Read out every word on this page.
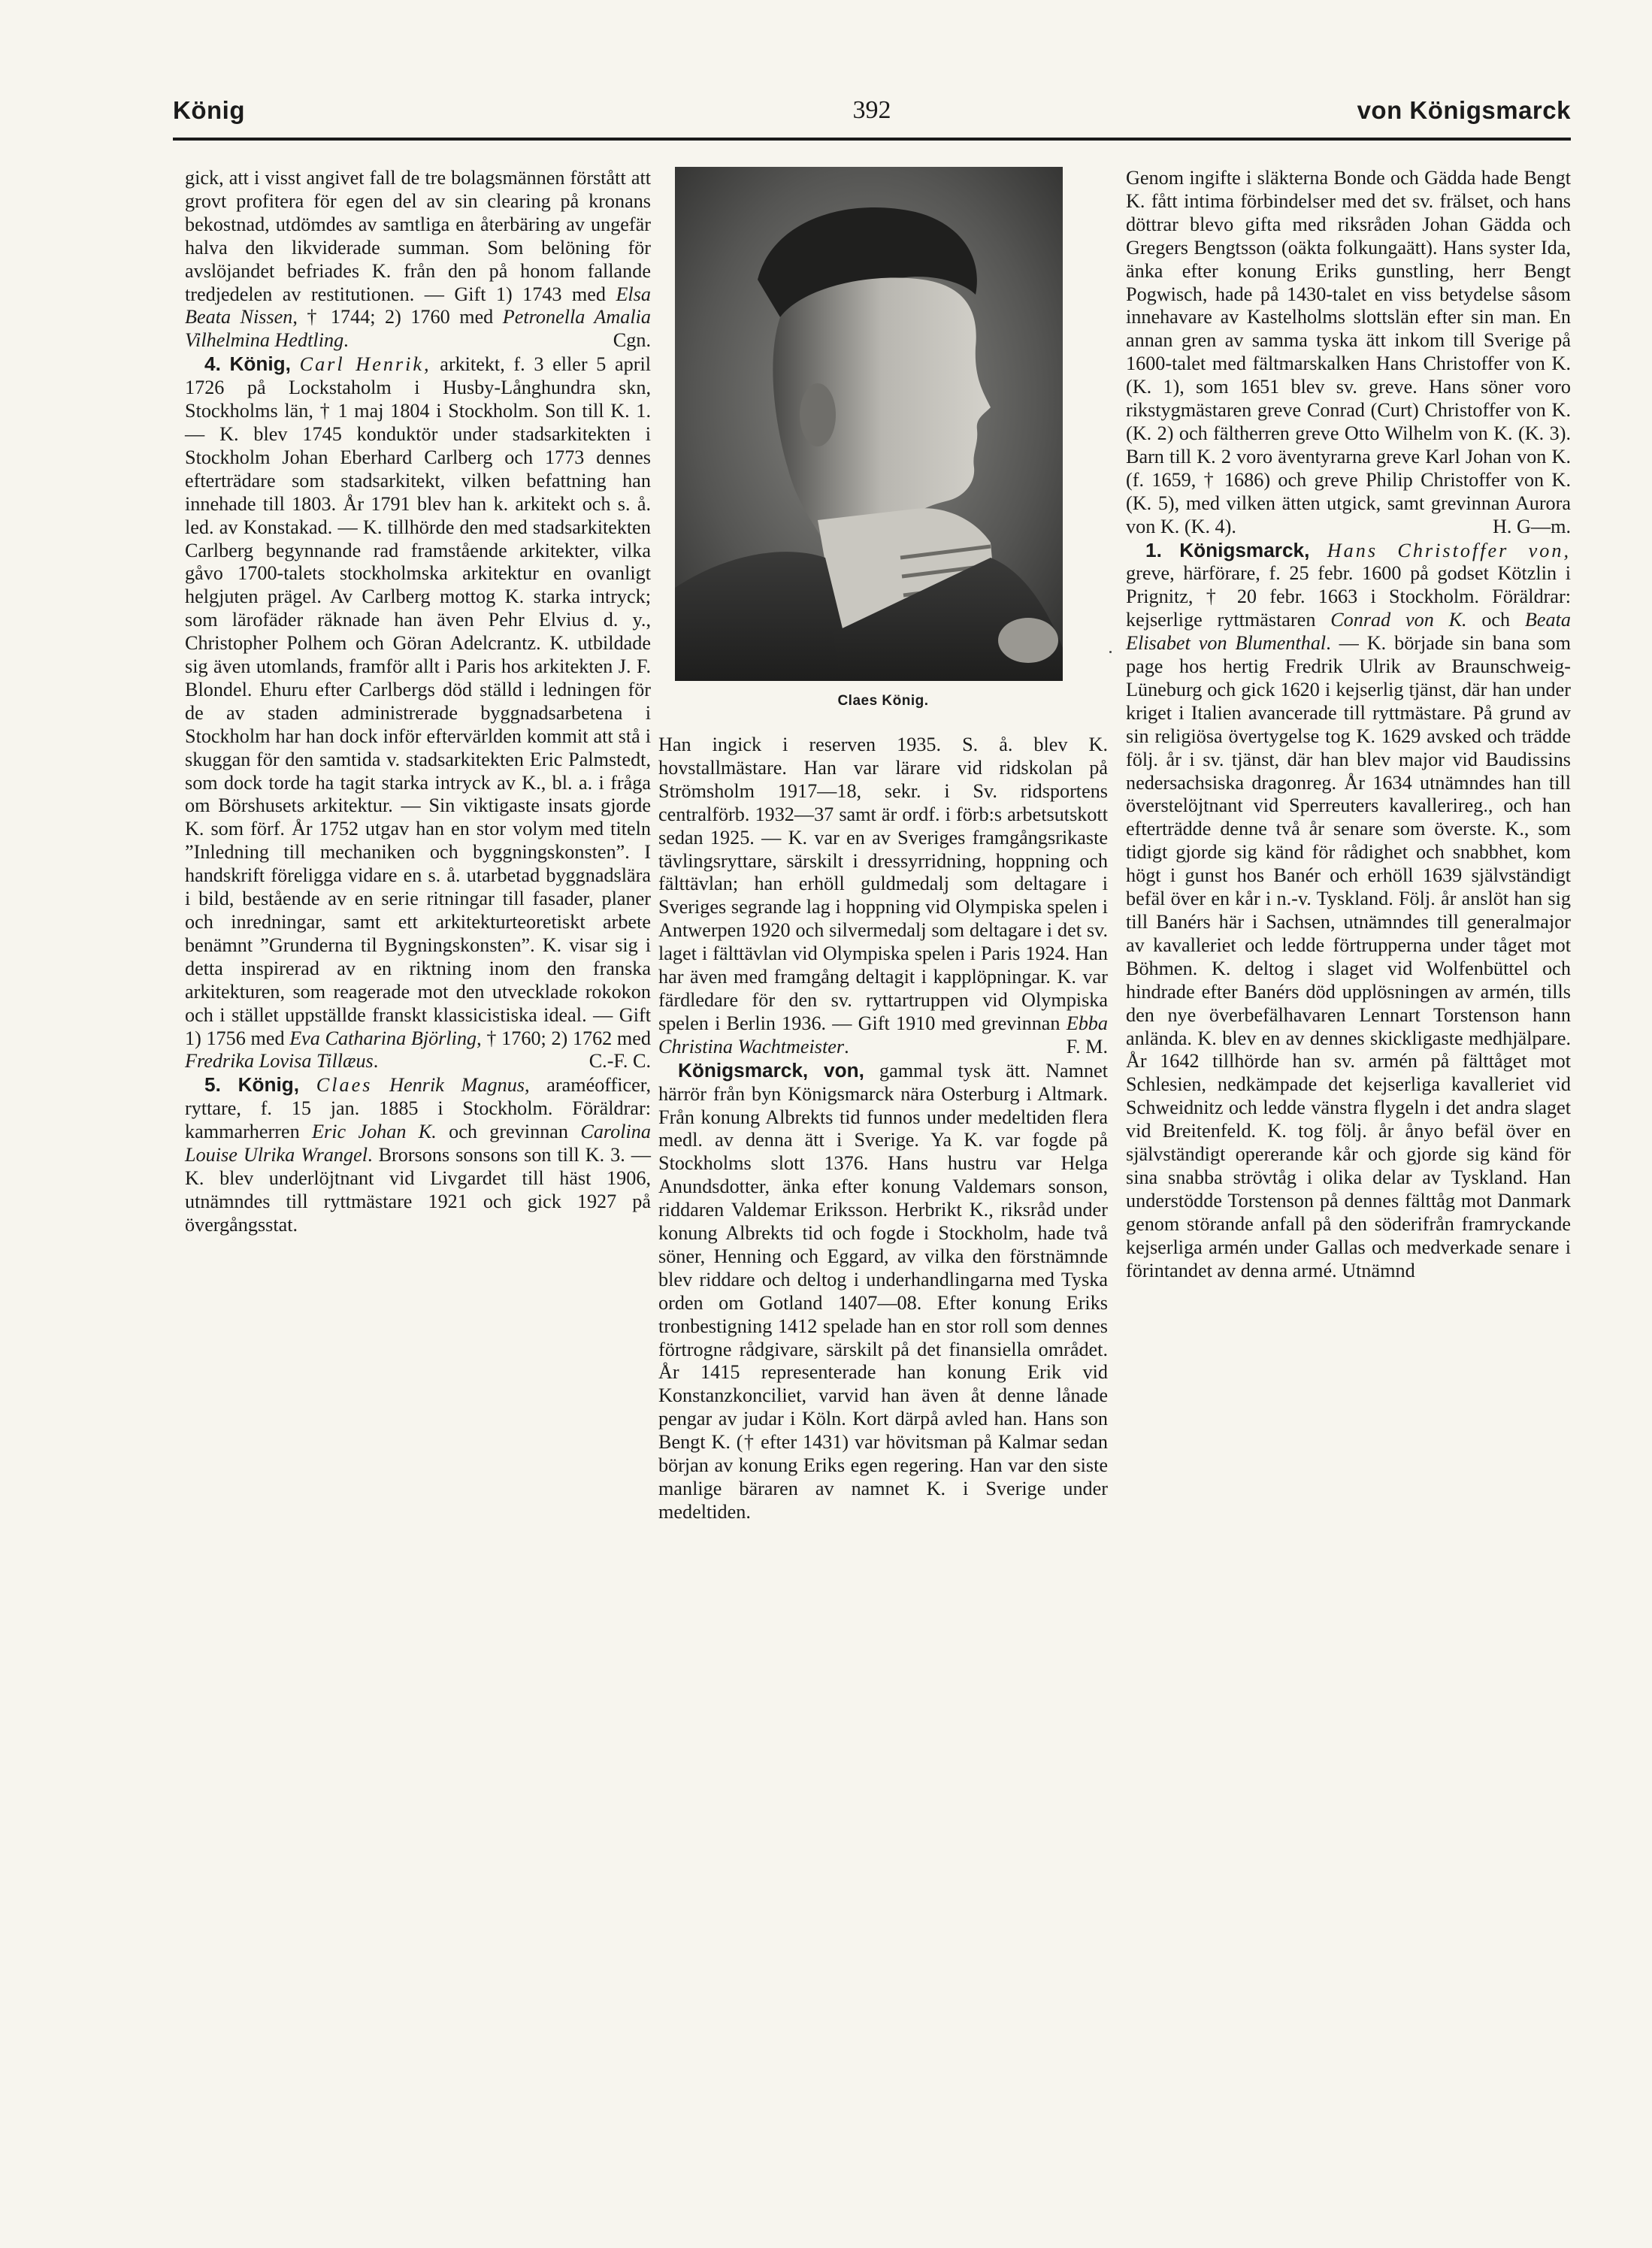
König	392	von Königsmarck

gick, att i visst angivet fall de tre bolagsmännen förstått att grovt profitera för egen del av sin clearing på kronans bekostnad, utdömdes av samtliga en återbäring av ungefär halva den likviderade summan. Som belöning för avslöjandet befriades K. från den på honom fallande tredjedelen av restitutionen. — Gift 1) 1743 med Elsa Beata Nissen, † 1744; 2) 1760 med Petronella Amalia Vilhelmina Hedtling.	Cgn.

4. König, Carl Henrik, arkitekt, f. 3 eller 5 april 1726 på Lockstaholm i Husby-Långhundra skn, Stockholms län, † 1 maj 1804 i Stockholm. Son till K. 1. — K. blev 1745 konduktör under stadsarkitekten i Stockholm Johan Eberhard Carlberg och 1773 dennes efterträdare som stadsarkitekt, vilken befattning han innehade till 1803. År 1791 blev han k. arkitekt och s. å. led. av Konstakad. — K. tillhörde den med stadsarkitekten Carlberg begynnande rad framstående arkitekter, vilka gåvo 1700-talets stockholmska arkitektur en ovanligt helgjuten prägel. Av Carlberg mottog K. starka intryck; som lärofäder räknade han även Pehr Elvius d. y., Christopher Polhem och Göran Adelcrantz. K. utbildade sig även utomlands, framför allt i Paris hos arkitekten J. F. Blondel. Ehuru efter Carlbergs död ställd i ledningen för de av staden administrerade byggnadsarbetena i Stockholm har han dock inför eftervärlden kommit att stå i skuggan för den samtida v. stadsarkitekten Eric Palmstedt, som dock torde ha tagit starka intryck av K., bl. a. i fråga om Börshusets arkitektur. — Sin viktigaste insats gjorde K. som förf. År 1752 utgav han en stor volym med titeln ”Inledning till mechaniken och byggningskonsten”. I handskrift föreligga vidare en s. å. utarbetad byggnadslära i bild, bestående av en serie ritningar till fasader, planer och inredningar, samt ett arkitekturteoretiskt arbete benämnt ”Grunderna til Bygningskonsten”. K. visar sig i detta inspirerad av en riktning inom den franska arkitekturen, som reagerade mot den utvecklade rokokon och i stället uppställde franskt klassicistiska ideal. — Gift 1) 1756 med Eva Catharina Björling, † 1760; 2) 1762 med Fredrika Lovisa Tillæus.	C.-F. C.

5. König, Claes Henrik Magnus, araméofficer, ryttare, f. 15 jan. 1885 i Stockholm. Föräldrar: kammarherren Eric Johan K. och grevinnan Carolina Louise Ulrika Wrangel. Brorsons sonsons son till K. 3. — K. blev underlöjtnant vid Livgardet till häst 1906, utnämndes till ryttmästare 1921 och gick 1927 på övergångsstat.

Claes König.

Han ingick i reserven 1935. S. å. blev K. hovstallmästare. Han var lärare vid ridskolan på Strömsholm 1917—18, sekr. i Sv. ridsportens centralförb. 1932—37 samt är ordf. i förb:s arbetsutskott sedan 1925. — K. var en av Sveriges framgångsrikaste tävlingsryttare, särskilt i dressyrridning, hoppning och fälttävlan; han erhöll guldmedalj som deltagare i Sveriges segrande lag i hoppning vid Olympiska spelen i Antwerpen 1920 och silvermedalj som deltagare i det sv. laget i fälttävlan vid Olympiska spelen i Paris 1924. Han har även med framgång deltagit i kapplöpningar. K. var färdledare för den sv. ryttartruppen vid Olympiska spelen i Berlin 1936. — Gift 1910 med grevinnan Ebba Christina Wachtmeister.	F. M.

Königsmarck, von, gammal tysk ätt. Namnet härrör från byn Königsmarck nära Osterburg i Altmark. Från konung Albrekts tid funnos under medeltiden flera medl. av denna ätt i Sverige. Ya K. var fogde på Stockholms slott 1376. Hans hustru var Helga Anundsdotter, änka efter konung Valdemars sonson, riddaren Valdemar Eriksson. Herbrikt K., riksråd under konung Albrekts tid och fogde i Stockholm, hade två söner, Henning och Eggard, av vilka den förstnämnde blev riddare och deltog i underhandlingarna med Tyska orden om Gotland 1407—08. Efter konung Eriks tronbestigning 1412 spelade han en stor roll som dennes förtrogne rådgivare, särskilt på det finansiella området. År 1415 representerade han konung Erik vid Konstanzkonciliet, varvid han även åt denne lånade pengar av judar i Köln. Kort därpå avled han. Hans son Bengt K. († efter 1431) var hövitsman på Kalmar sedan början av konung Eriks egen regering. Han var den siste manlige bäraren av namnet K. i Sverige under medeltiden.

Genom ingifte i släkterna Bonde och Gädda hade Bengt K. fått intima förbindelser med det sv. frälset, och hans döttrar blevo gifta med riksråden Johan Gädda och Gregers Bengtsson (oäkta folkungaätt). Hans syster Ida, änka efter konung Eriks gunstling, herr Bengt Pogwisch, hade på 1430-talet en viss betydelse såsom innehavare av Kastelholms slottslän efter sin man. En annan gren av samma tyska ätt inkom till Sverige på 1600-talet med fältmarskalken Hans Christoffer von K. (K. 1), som 1651 blev sv. greve. Hans söner voro rikstygmästaren greve Conrad (Curt) Christoffer von K. (K. 2) och fältherren greve Otto Wilhelm von K. (K. 3). Barn till K. 2 voro äventyrarna greve Karl Johan von K. (f. 1659, † 1686) och greve Philip Christoffer von K. (K. 5), med vilken ätten utgick, samt grevinnan Aurora von K. (K. 4).	H. G—m.

1. Königsmarck, Hans Christoffer von, greve, härförare, f. 25 febr. 1600 på godset Kötzlin i Prignitz, † 20 febr. 1663 i Stockholm. Föräldrar: kejserlige ryttmästaren Conrad von K. och Beata Elisabet von Blumenthal. — K. började sin bana som page hos hertig Fredrik Ulrik av Braunschweig-Lüneburg och gick 1620 i kejserlig tjänst, där han under kriget i Italien avancerade till ryttmästare. På grund av sin religiösa övertygelse tog K. 1629 avsked och trädde följ. år i sv. tjänst, där han blev major vid Baudissins nedersachsiska dragonreg. År 1634 utnämndes han till överstelöjtnant vid Sperreuters kavallerireg., och han efterträdde denne två år senare som överste. K., som tidigt gjorde sig känd för rådighet och snabbhet, kom högt i gunst hos Banér och erhöll 1639 självständigt befäl över en kår i n.-v. Tyskland. Följ. år anslöt han sig till Banérs här i Sachsen, utnämndes till generalmajor av kavalleriet och ledde förtrupperna under tåget mot Böhmen. K. deltog i slaget vid Wolfenbüttel och hindrade efter Banérs död upplösningen av armén, tills den nye överbefälhavaren Lennart Torstenson hann anlända. K. blev en av dennes skickligaste medhjälpare. År 1642 tillhörde han sv. armén på fälttåget mot Schlesien, nedkämpade det kejserliga kavalleriet vid Schweidnitz och ledde vänstra flygeln i det andra slaget vid Breitenfeld. K. tog följ. år ånyo befäl över en självständigt opererande kår och gjorde sig känd för sina snabba strövtåg i olika delar av Tyskland. Han understödde Torstenson på dennes fälttåg mot Danmark genom störande anfall på den söderifrån framryckande kejserliga armén under Gallas och medverkade senare i förintandet av denna armé. Utnämnd
